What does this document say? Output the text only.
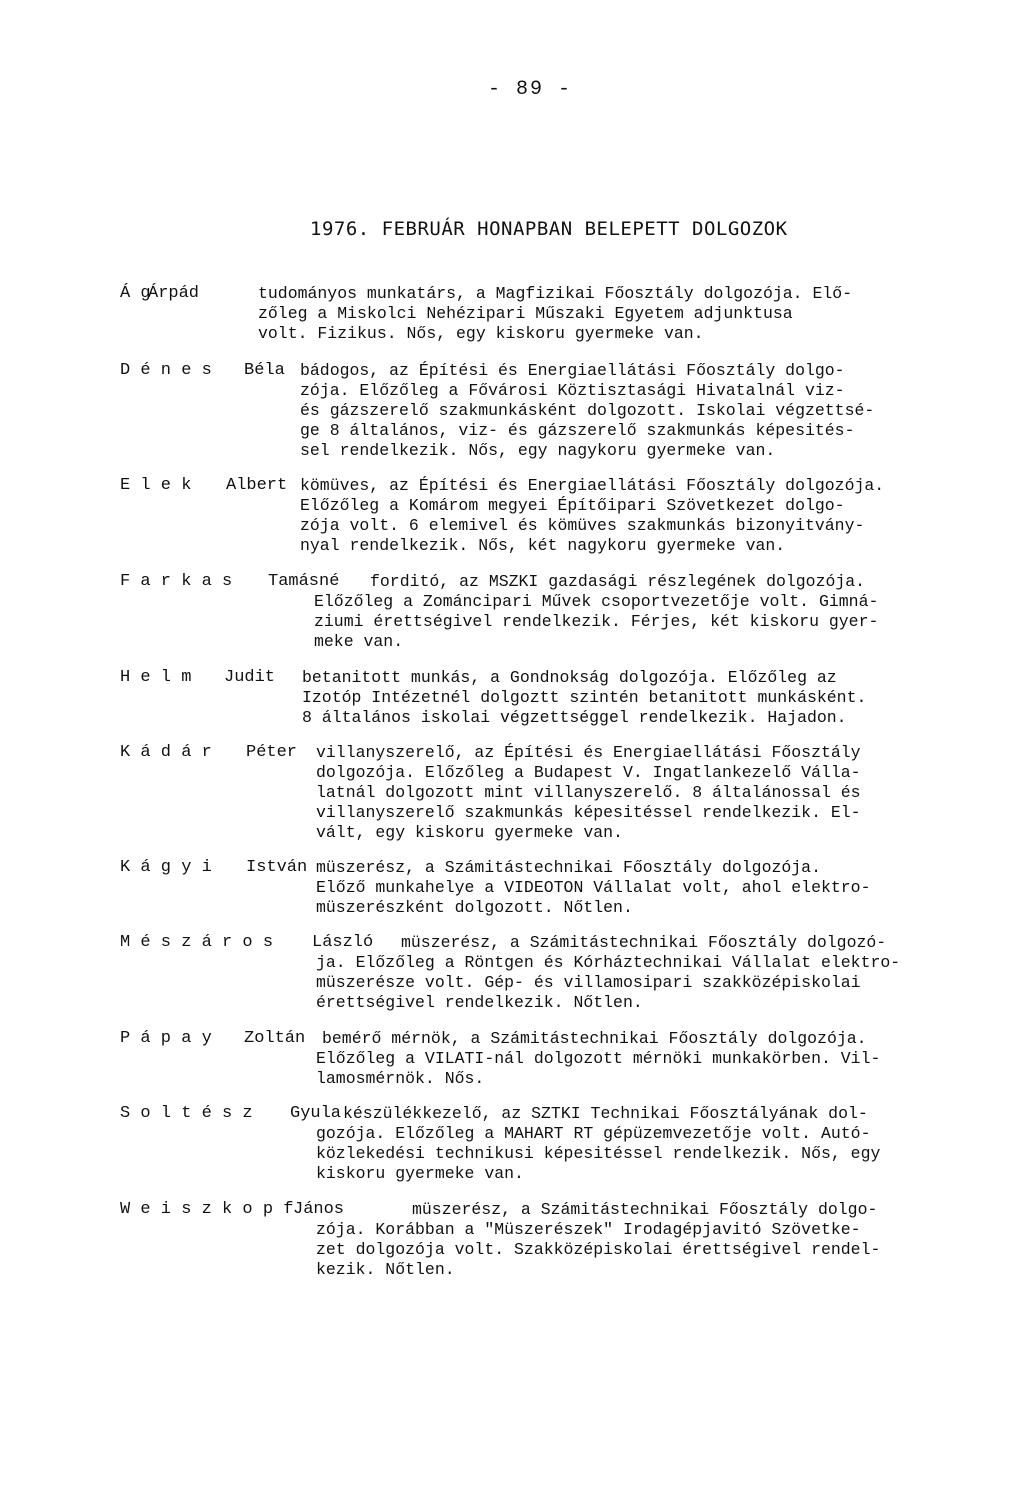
- 89 -
1976. FEBRUÁR HONAPBAN BELEPETT DOLGOZOK
Á g
Árpád	tudományos munkatárs, a Magfizikai Főosztály dolgozója. Elő-
zőleg a Miskolci Nehézipari Műszaki Egyetem adjunktusa
volt. Fizikus. Nős, egy kiskoru gyermeke van.
D é n e s Béla bádogos, az Építési és Energiaellátási Főosztály dolgo-
zója. Előzőleg a Fővárosi Köztisztasági Hivatalnál viz-
és gázszerelő szakmunkásként dolgozott. Iskolai végzettsé-
ge 8 általános, viz- és gázszerelő szakmunkás képesités-
sel rendelkezik. Nős, egy nagykoru gyermeke van.
E l e k Albert kömüves, az Építési és Energiaellátási Főosztály dolgozója.
Előzőleg a Komárom megyei Építőipari Szövetkezet dolgo-
zója volt. 6 elemivel és kömüves szakmunkás bizonyitvány-
nyal rendelkezik. Nős, két nagykoru gyermeke van.
F a r k a s Tamásné forditó, az MSZKI gazdasági részlegének dolgozója.
Előzőleg a Zománcipari Művek csoportvezetője volt. Gimná-
ziumi érettségivel rendelkezik. Férjes, két kiskoru gyer-
meke van.
H e l m Judit betanitott munkás, a Gondnokság dolgozója. Előzőleg az
Izotóp Intézetnél dolgoztt szintén betanitott munkásként.
8 általános iskolai végzettséggel rendelkezik. Hajadon.
K á d á r Péter villanyszerelő, az Építési és Energiaellátási Főosztály
dolgozója. Előzőleg a Budapest V. Ingatlankezelő Válla-
latnál dolgozott mint villanyszerelő. 8 általánossal és
villanyszerelő szakmunkás képesitéssel rendelkezik. El-
vált, egy kiskoru gyermeke van.
K á g y i István müszerész, a Számitástechnikai Főosztály dolgozója.
Előző munkahelye a VIDEOTON Vállalat volt, ahol elektro-
müszerészként dolgozott. Nőtlen.
M é s z á r o s László müszerész, a Számitástechnikai Főosztály dolgozó-
ja. Előzőleg a Röntgen és Kórháztechnikai Vállalat elektro-
müszerésze volt. Gép- és villamosipari szakközépiskolai
érettségivel rendelkezik. Nőtlen.
P á p a y Zoltán bemérő mérnök, a Számitástechnikai Főosztály dolgozója.
Előzőleg a VILATI-nál dolgozott mérnöki munkakörben. Vil-
lamosmérnök. Nős.
S o l t é s z Gyula készülékkezelő, az SZTKI Technikai Főosztályának dol-
gozója. Előzőleg a MAHART RT gépüzemvezetője volt. Autó-
közlekedési technikusi képesitéssel rendelkezik. Nős, egy
kiskoru gyermeke van.
W e i s z k o p f János	müszerész, a Számitástechnikai Főosztály dolgo-
zója. Korábban a "Müszerészek" Irodagépjavitó Szövetke-
zet dolgozója volt. Szakközépiskolai érettségivel rendel-
kezik. Nőtlen.
